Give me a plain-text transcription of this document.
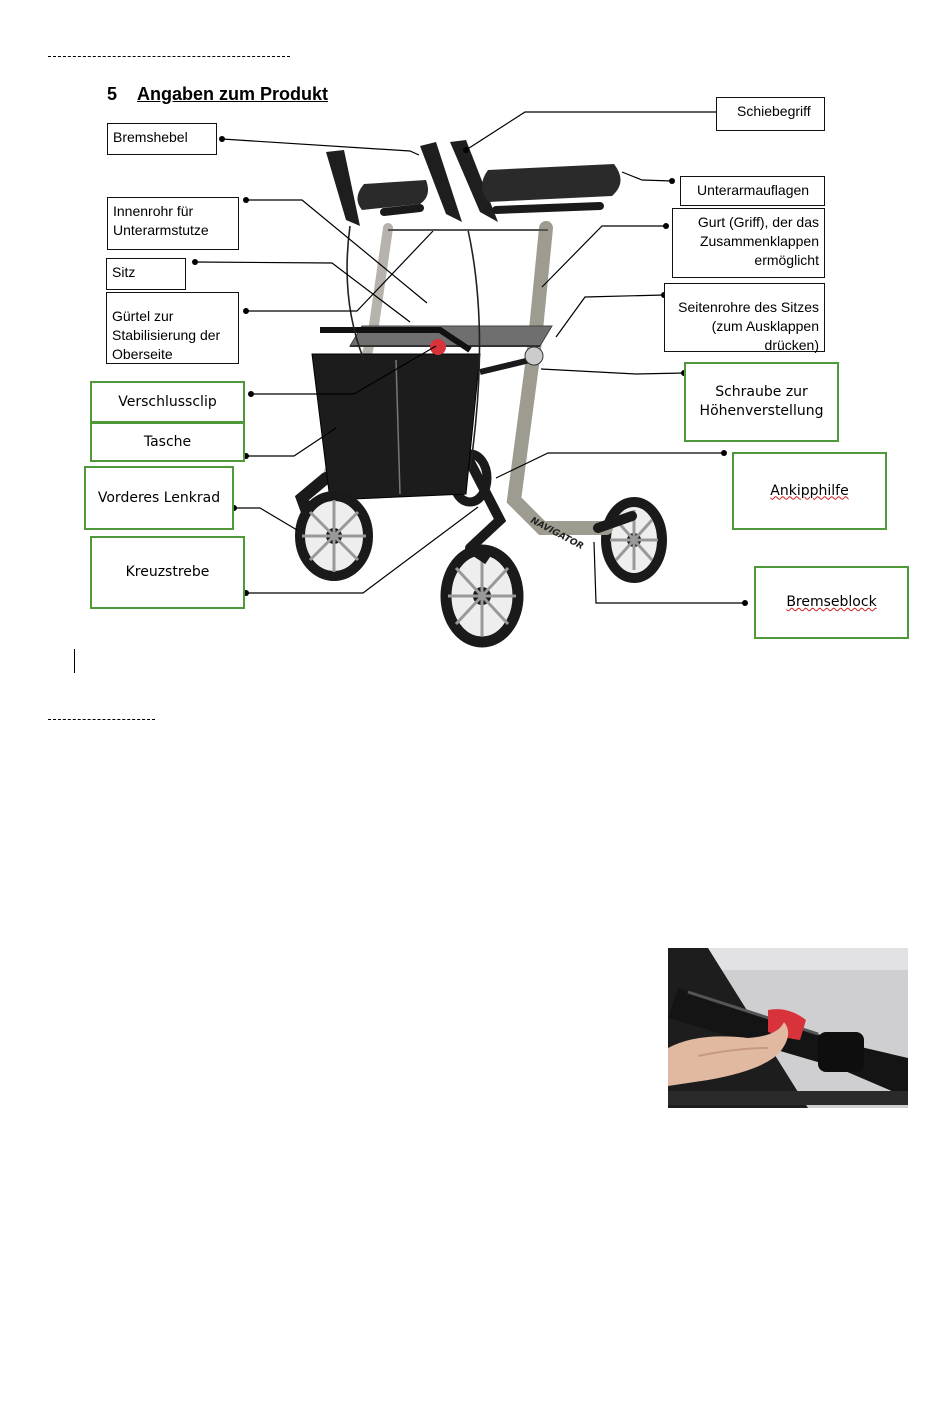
5 Angaben zum Produkt
NAVIGATOR
Bremshebel
Schiebegriff
Unterarmauflagen
Innenrohr für Unterarmstutze	Gurt (Griff), der das Zusammenklappen ermöglicht
Sitz
Gürtel zur Stabilisierung der Oberseite
Seitenrohre des Sitzes (zum Ausklappen drücken)
Verschlussclip
Schraube zur Höhenverstellung
Tasche
Ankipphilfe
Vorderes Lenkrad
Kreuzstrebe
Bremseblock
